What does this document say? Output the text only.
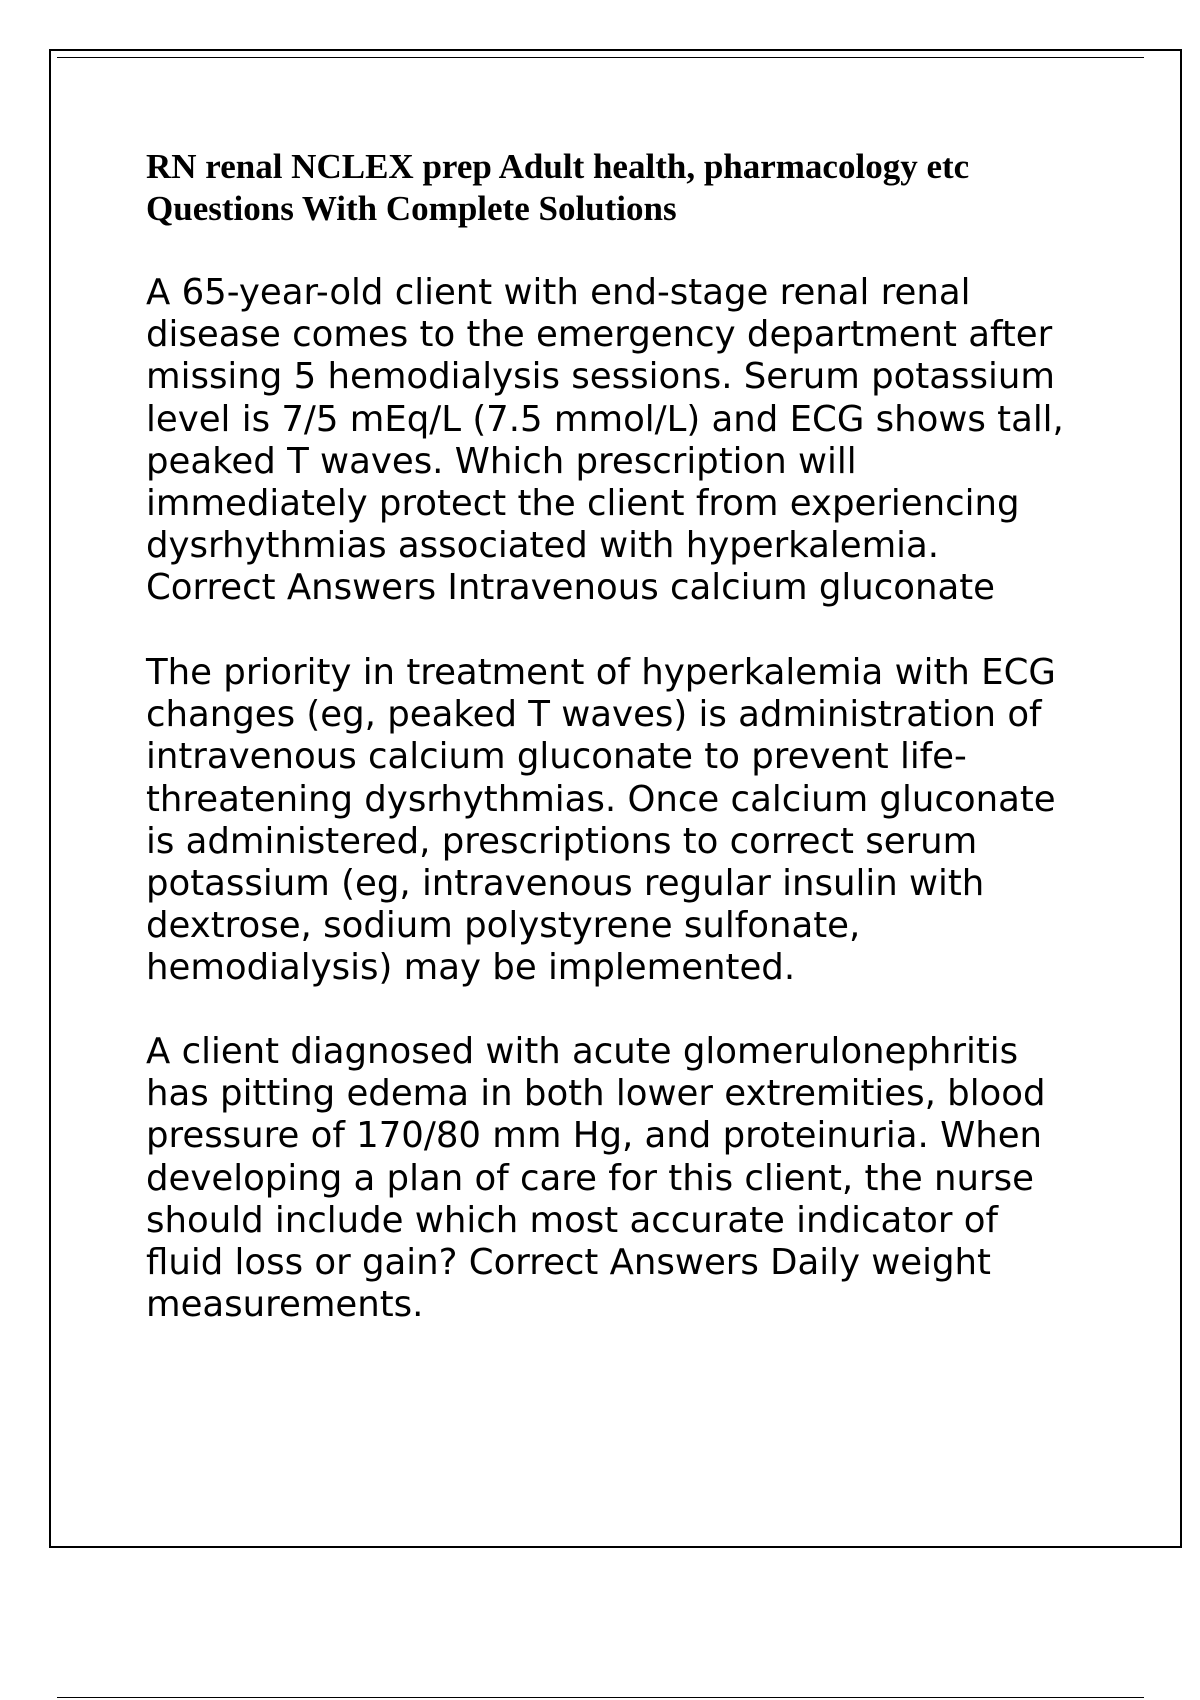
RN renal NCLEX prep Adult health, pharmacology etc
Questions With Complete Solutions

A 65-year-old client with end-stage renal renal
disease comes to the emergency department after
missing 5 hemodialysis sessions. Serum potassium
level is 7/5 mEq/L (7.5 mmol/L) and ECG shows tall,
peaked T waves. Which prescription will
immediately protect the client from experiencing
dysrhythmias associated with hyperkalemia.
Correct Answers Intravenous calcium gluconate

The priority in treatment of hyperkalemia with ECG
changes (eg, peaked T waves) is administration of
intravenous calcium gluconate to prevent life-
threatening dysrhythmias. Once calcium gluconate
is administered, prescriptions to correct serum
potassium (eg, intravenous regular insulin with
dextrose, sodium polystyrene sulfonate,
hemodialysis) may be implemented.

A client diagnosed with acute glomerulonephritis
has pitting edema in both lower extremities, blood
pressure of 170/80 mm Hg, and proteinuria. When
developing a plan of care for this client, the nurse
should include which most accurate indicator of
fluid loss or gain? Correct Answers Daily weight
measurements.
